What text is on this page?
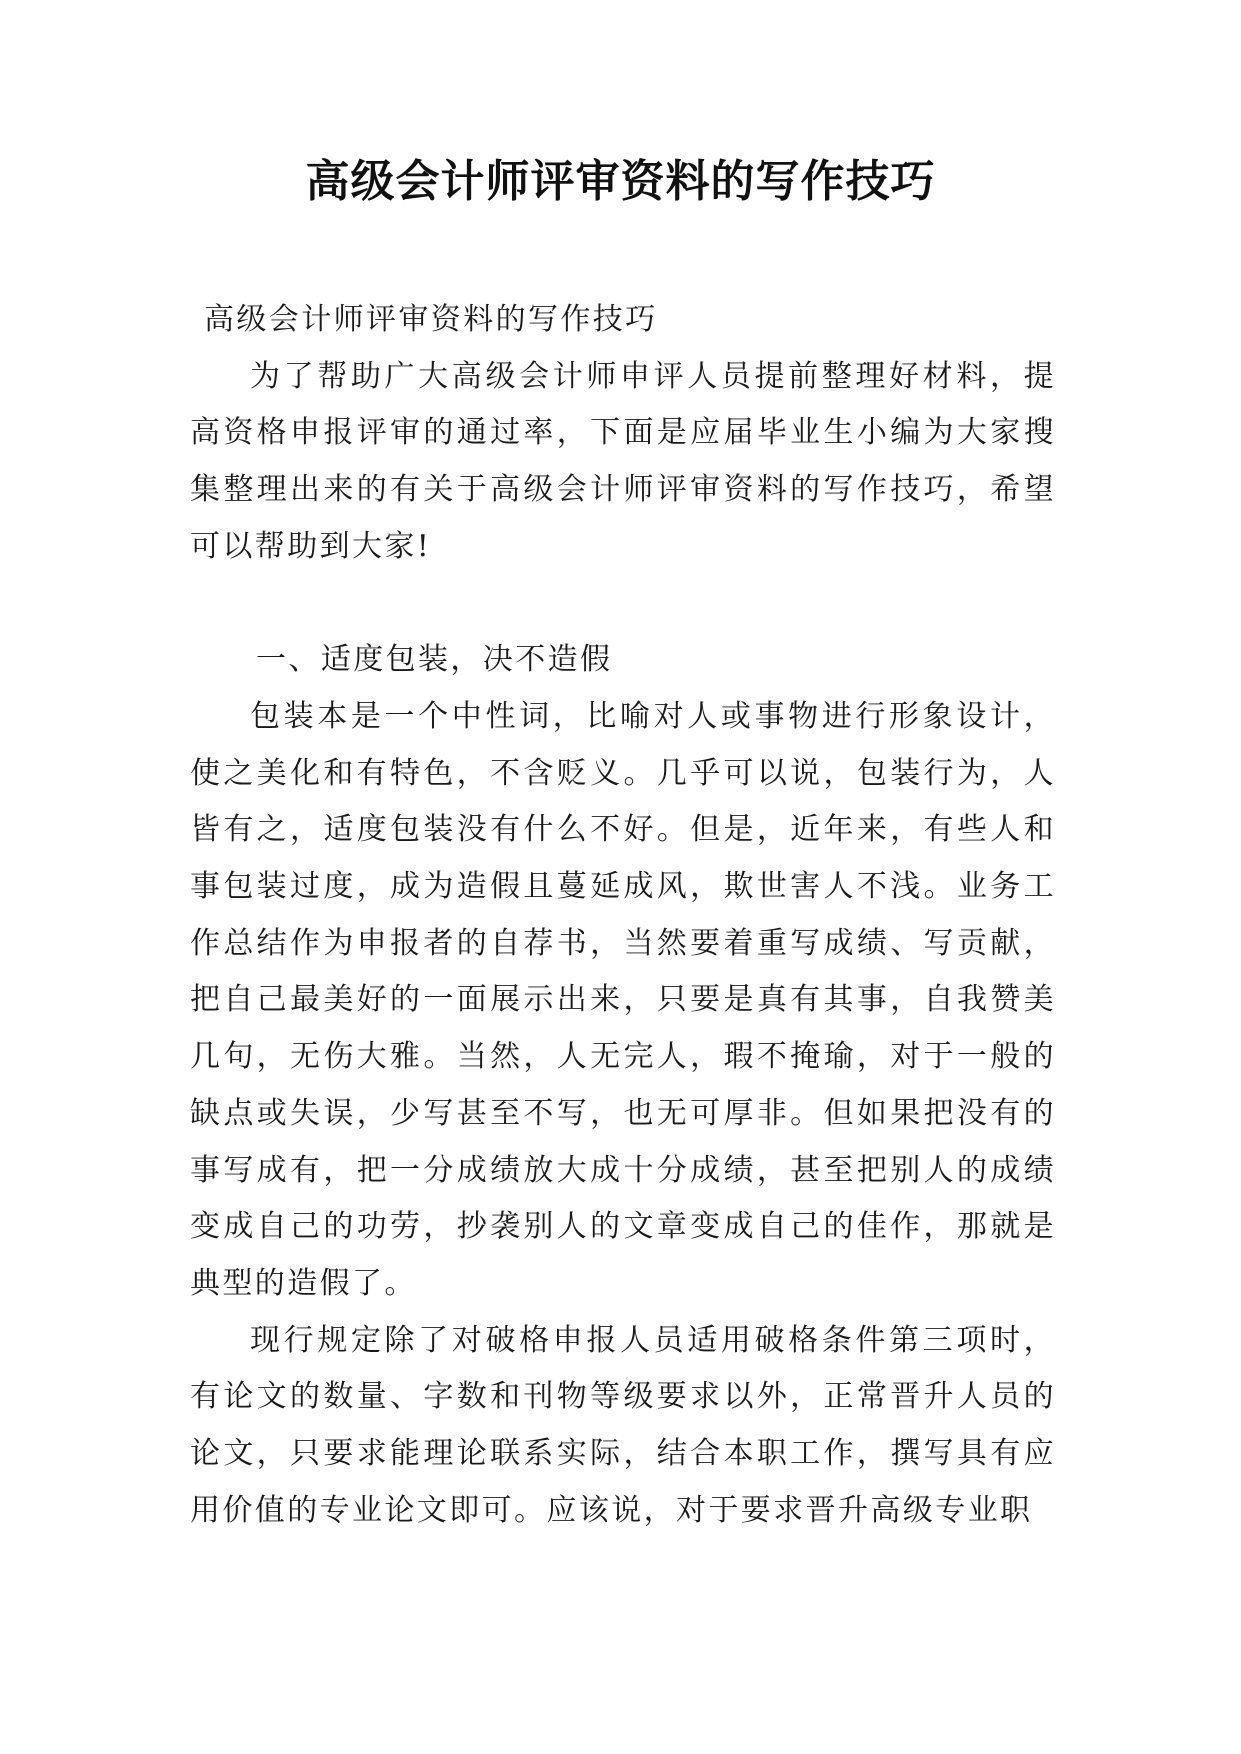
高级会计师评审资料的写作技巧

高级会计师评审资料的写作技巧

为了帮助广大高级会计师申评人员提前整理好材料，提高资格申报评审的通过率，下面是应届毕业生小编为大家搜集整理出来的有关于高级会计师评审资料的写作技巧，希望可以帮助到大家!

一、适度包装，决不造假

包装本是一个中性词，比喻对人或事物进行形象设计，使之美化和有特色，不含贬义。几乎可以说，包装行为，人皆有之，适度包装没有什么不好。但是，近年来，有些人和事包装过度，成为造假且蔓延成风，欺世害人不浅。业务工作总结作为申报者的自荐书，当然要着重写成绩、写贡献，把自己最美好的一面展示出来，只要是真有其事，自我赞美几句，无伤大雅。当然，人无完人，瑕不掩瑜，对于一般的缺点或失误，少写甚至不写，也无可厚非。但如果把没有的事写成有，把一分成绩放大成十分成绩，甚至把别人的成绩变成自己的功劳，抄袭别人的文章变成自己的佳作，那就是典型的造假了。

现行规定除了对破格申报人员适用破格条件第三项时，有论文的数量、字数和刊物等级要求以外，正常晋升人员的论文，只要求能理论联系实际，结合本职工作，撰写具有应用价值的专业论文即可。应该说，对于要求晋升高级专业职
